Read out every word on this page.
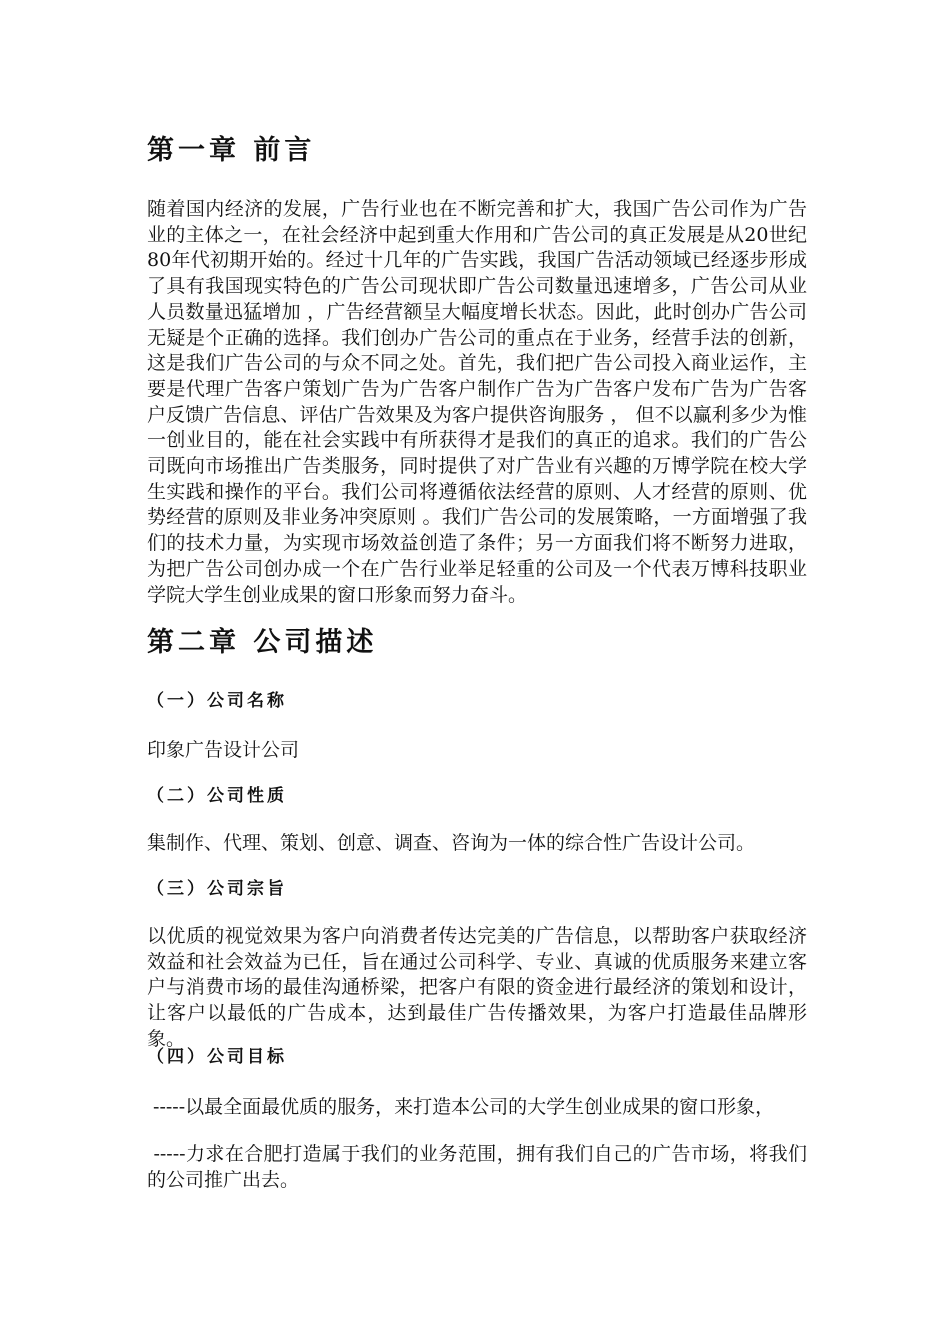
第一章 前言

随着国内经济的发展，广告行业也在不断完善和扩大，我国广告公司作为广告业的主体之一，在社会经济中起到重大作用和广告公司的真正发展是从20世纪80年代初期开始的。经过十几年的广告实践，我国广告活动领域已经逐步形成了具有我国现实特色的广告公司现状即广告公司数量迅速增多，广告公司从业人员数量迅猛增加 ，广告经营额呈大幅度增长状态。因此，此时创办广告公司无疑是个正确的选择。我们创办广告公司的重点在于业务，经营手法的创新，这是我们广告公司的与众不同之处。首先，我们把广告公司投入商业运作，主要是代理广告客户策划广告为广告客户制作广告为广告客户发布广告为广告客户反馈广告信息、评估广告效果及为客户提供咨询服务 ， 但不以赢利多少为惟一创业目的，能在社会实践中有所获得才是我们的真正的追求。我们的广告公司既向市场推出广告类服务，同时提供了对广告业有兴趣的万博学院在校大学生实践和操作的平台。我们公司将遵循依法经营的原则、人才经营的原则、优势经营的原则及非业务冲突原则 。我们广告公司的发展策略，一方面增强了我们的技术力量，为实现市场效益创造了条件；另一方面我们将不断努力进取，为把广告公司创办成一个在广告行业举足轻重的公司及一个代表万博科技职业学院大学生创业成果的窗口形象而努力奋斗。

第二章 公司描述
（一）公司名称

印象广告设计公司

（二）公司性质

集制作、代理、策划、创意、调查、咨询为一体的综合性广告设计公司。

（三）公司宗旨

以优质的视觉效果为客户向消费者传达完美的广告信息，以帮助客户获取经济效益和社会效益为已任，旨在通过公司科学、专业、真诚的优质服务来建立客户与消费市场的最佳沟通桥梁，把客户有限的资金进行最经济的策划和设计，让客户以最低的广告成本，达到最佳广告传播效果，为客户打造最佳品牌形象。

（四）公司目标

-----以最全面最优质的服务，来打造本公司的大学生创业成果的窗口形象，

-----力求在合肥打造属于我们的业务范围，拥有我们自己的广告市场，将我们的公司推广出去。
